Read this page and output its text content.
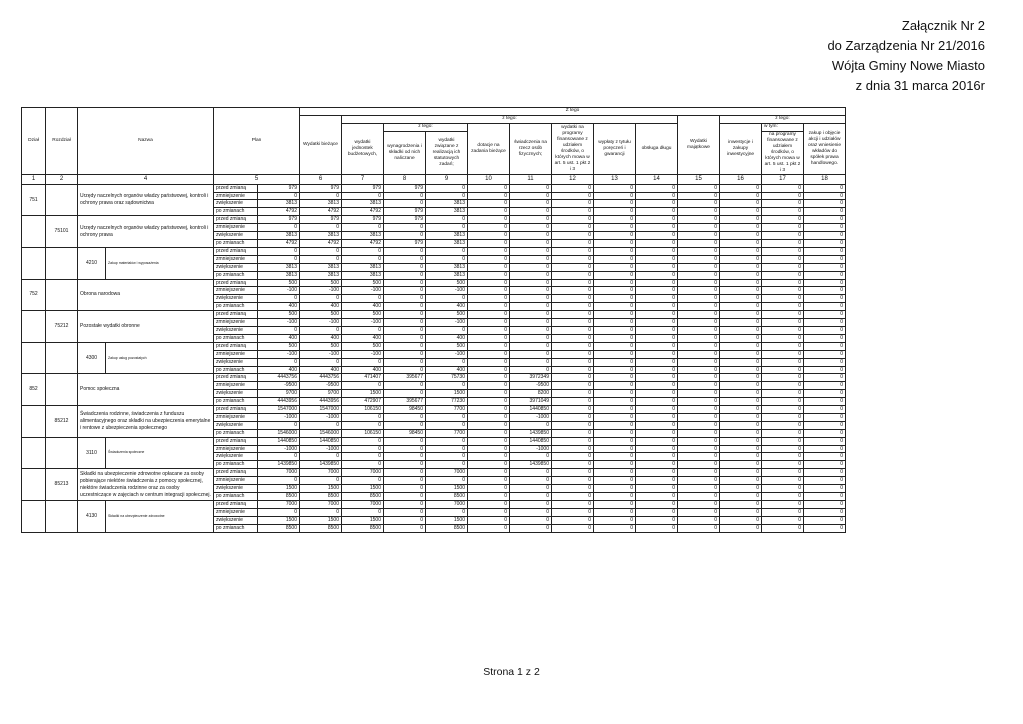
Załącznik Nr 2
do Zarządzenia Nr 21/2016
Wójta Gminy Nowe Miasto
z dnia 31 marca 2016r
Dział	Rozdział	Nazwa		Plan		Z tego												
						Wydatki bieżące	z tego:								Wydatki majątkowe	z tego:		
							wydatki jednostek budżetowych,	z tego:		dotacje na zadania bieżące	świadczenia na rzecz osób fizycznych;	wydatki na programy finansowane z udziałem środków, o których mowa w art. 5 ust. 1 pkt 2 i 3	wypłaty z tytułu poręczeń i gwarancji	obsługa długu		inwestycje i zakupy inwestycyjne	w tym:	zakup i objęcie akcji i udziałów oraz wniesienie wkładów do spółek prawa handlowego.
								wynagrodzenia i składki od nich naliczane	wydatki związane z realizacją ich statutowych zadań;								na programy finansowane z udziałem środków, o których mowa w art. 5 ust. 1 pkt 2 i 3	

1	2	4		5		6	7	8	9	10	11	12	13	14	15	16	17	18
751		Urzędy naczelnych organów władzy państwowej, kontroli i ochrony prawa oraz sądownictwa		przed zmianą	979	979	979	979	0	0	0	0	0	0	0	0	0	0
				zmniejszenie	0	0	0	0	0	0	0	0	0	0	0	0	0	0
				zwiększenie	3813	3813	3813	0	3813	0	0	0	0	0	0	0	0	0
				po zmianach	4792	4792	4792	979	3813	0	0	0	0	0	0	0	0	0
	75101	Urzędy naczelnych organów władzy państwowej, kontroli i ochrony prawa		przed zmianą	979	979	979	979	0	0	0	0	0	0	0	0	0	0
				zmniejszenie	0	0	0	0	0	0	0	0	0	0	0	0	0	0
				zwiększenie	3813	3813	3813	0	3813	0	0	0	0	0	0	0	0	0
				po zmianach	4792	4792	4792	979	3813	0	0	0	0	0	0	0	0	0
		4210	Zakup materiałów i wyposażenia	przed zmianą	0	0	0	0	0	0	0	0	0	0	0	0	0	0
				zmniejszenie	0	0	0	0	0	0	0	0	0	0	0	0	0	0
				zwiększenie	3813	3813	3813	0	3813	0	0	0	0	0	0	0	0	0
				po zmianach	3813	3813	3813	0	3813	0	0	0	0	0	0	0	0	0
752		Obrona narodowa		przed zmianą	500	500	500	0	500	0	0	0	0	0	0	0	0	0
				zmniejszenie	-100	-100	-100	0	-100	0	0	0	0	0	0	0	0	0
				zwiększenie	0	0	0	0	0	0	0	0	0	0	0	0	0	0
				po zmianach	400	400	400	0	400	0	0	0	0	0	0	0	0	0
	75212	Pozostałe wydatki obronne		przed zmianą	500	500	500	0	500	0	0	0	0	0	0	0	0	0
				zmniejszenie	-100	-100	-100	0	-100	0	0	0	0	0	0	0	0	0
				zwiększenie	0	0	0	0	0	0	0	0	0	0	0	0	0	0
				po zmianach	400	400	400	0	400	0	0	0	0	0	0	0	0	0
		4300	Zakup usług pozostałych	przed zmianą	500	500	500	0	500	0	0	0	0	0	0	0	0	0
				zmniejszenie	-100	-100	-100	0	-100	0	0	0	0	0	0	0	0	0
				zwiększenie	0	0	0	0	0	0	0	0	0	0	0	0	0	0
				po zmianach	400	400	400	0	400	0	0	0	0	0	0	0	0	0
852		Pomoc społeczna		przed zmianą	4443756	4443756	471407	395677	75730	0	3972349	0	0	0	0	0	0	0
				zmniejszenie	-9500	-9500	0	0	0	0	-9500	0	0	0	0	0	0	0
				zwiększenie	9700	9700	1500	0	1500	0	8200	0	0	0	0	0	0	0
				po zmianach	4443956	4443956	472907	395677	77230	0	3971049	0	0	0	0	0	0	0
	85212	Świadczenia rodzinne, świadczenia z funduszu alimentacyjnego oraz składki na ubezpieczenia emerytalne i rentowe z ubezpieczenia społecznego		przed zmianą	1547000	1547000	106150	98450	7700	0	1440850	0	0	0	0	0	0	0
				zmniejszenie	-1000	-1000	0	0	0	0	-1000	0	0	0	0	0	0	0
				zwiększenie	0	0	0	0	0	0	0	0	0	0	0	0	0	0
				po zmianach	1546000	1546000	106150	98450	7700	0	1439850	0	0	0	0	0	0	0
		3110	Świadczenia społeczne	przed zmianą	1440850	1440850	0	0	0	0	1440850	0	0	0	0	0	0	0
				zmniejszenie	-1000	-1000	0	0	0	0	-1000	0	0	0	0	0	0	0
				zwiększenie	0	0	0	0	0	0	0	0	0	0	0	0	0	0
				po zmianach	1439850	1439850	0	0	0	0	1439850	0	0	0	0	0	0	0
	85213	Składki na ubezpieczenie zdrowotne opłacane za osoby pobierające niektóre świadczenia z pomocy społecznej, niektóre świadczenia rodzinne oraz za osoby uczestniczące w zajęciach w centrum integracji społecznej.		przed zmianą	7000	7000	7000	0	7000	0	0	0	0	0	0	0	0	0
				zmniejszenie	0	0	0	0	0	0	0	0	0	0	0	0	0	0
				zwiększenie	1500	1500	1500	0	1500	0	0	0	0	0	0	0	0	0
				po zmianach	8500	8500	8500	0	8500	0	0	0	0	0	0	0	0	0
		4130	Składki na ubezpieczenie zdrowotne	przed zmianą	7000	7000	7000	0	7000	0	0	0	0	0	0	0	0	0
				zmniejszenie	0	0	0	0	0	0	0	0	0	0	0	0	0	0
				zwiększenie	1500	1500	1500	0	1500	0	0	0	0	0	0	0	0	0
				po zmianach	8500	8500	8500	0	8500	0	0	0	0	0	0	0	0	0
Strona 1 z 2
